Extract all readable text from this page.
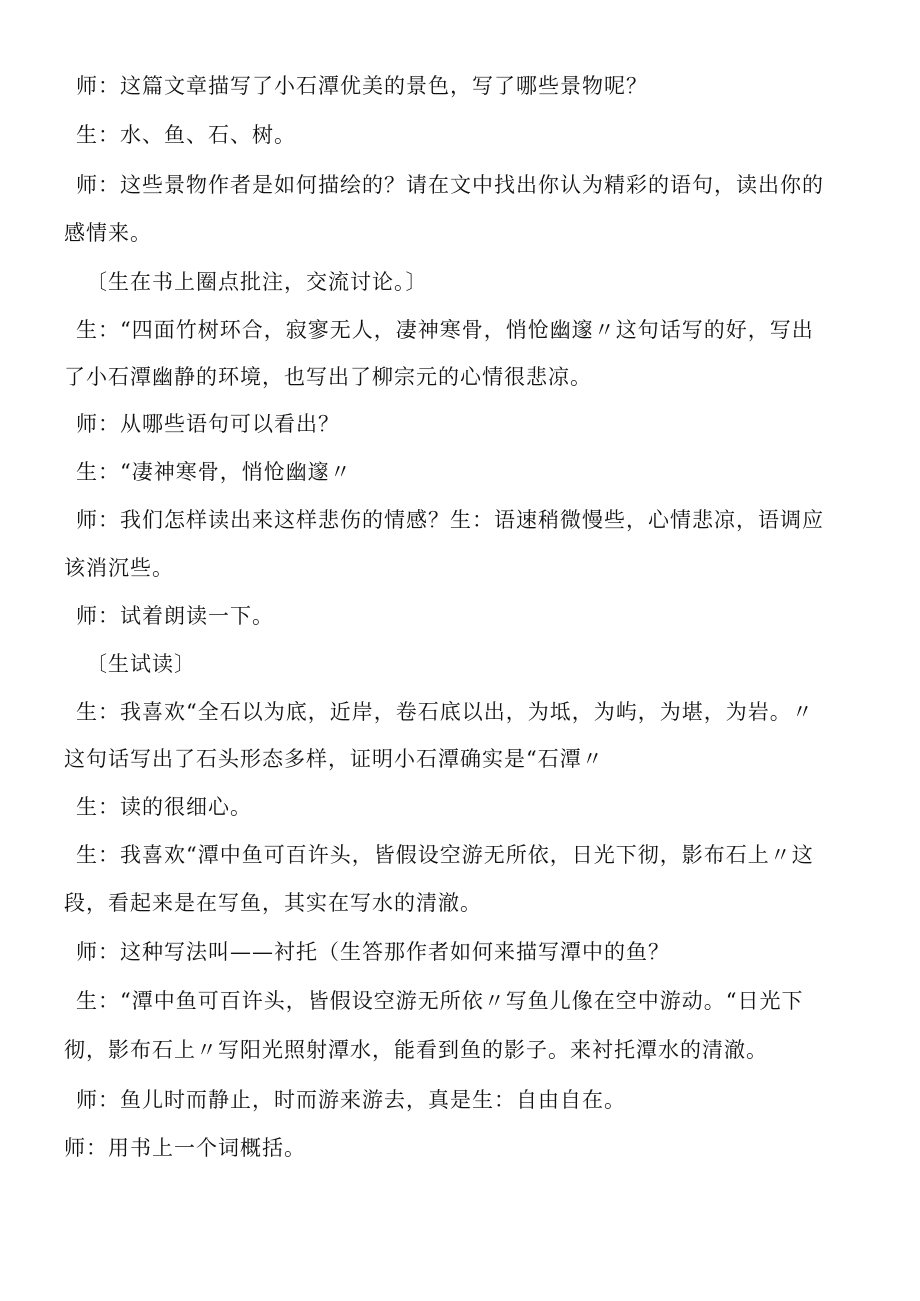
师：这篇文章描写了小石潭优美的景色，写了哪些景物呢？

生：水、鱼、石、树。

师：这些景物作者是如何描绘的？请在文中找出你认为精彩的语句，读出你的

感情来。

〔生在书上圈点批注，交流讨论。〕

生：“四面竹树环合，寂寥无人，凄神寒骨，悄怆幽邃〃这句话写的好，写出

了小石潭幽静的环境，也写出了柳宗元的心情很悲凉。

师：从哪些语句可以看出？

生：“凄神寒骨，悄怆幽邃〃

师：我们怎样读出来这样悲伤的情感？生：语速稍微慢些，心情悲凉，语调应

该消沉些。

师：试着朗读一下。

〔生试读〕

生：我喜欢“全石以为底，近岸，卷石底以出，为坻，为屿，为堪，为岩。〃

这句话写出了石头形态多样，证明小石潭确实是“石潭〃

生：读的很细心。

生：我喜欢“潭中鱼可百许头，皆假设空游无所依，日光下彻，影布石上〃这

段，看起来是在写鱼，其实在写水的清澈。

师：这种写法叫——衬托（生答那作者如何来描写潭中的鱼？

生：“潭中鱼可百许头，皆假设空游无所依〃写鱼儿像在空中游动。“日光下

彻，影布石上〃写阳光照射潭水，能看到鱼的影子。来衬托潭水的清澈。

师：鱼儿时而静止，时而游来游去，真是生：自由自在。

师：用书上一个词概括。
